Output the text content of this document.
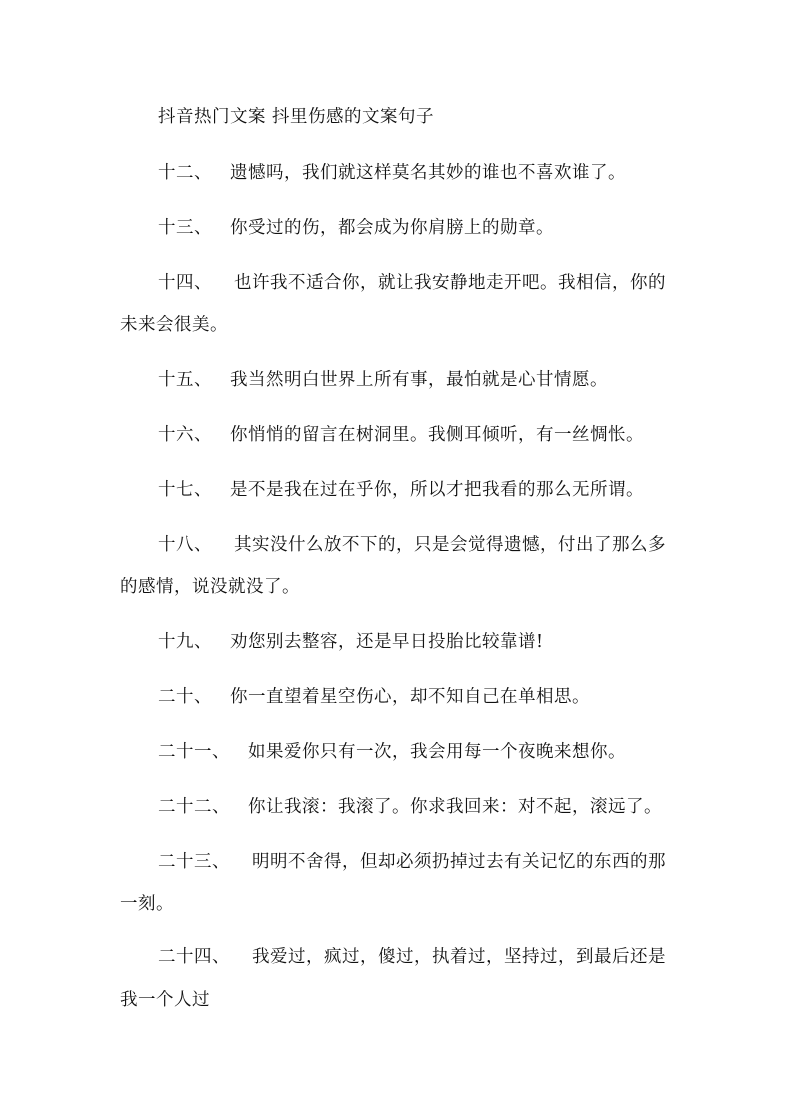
抖音热门文案 抖里伤感的文案句子
十二、 遗憾吗，我们就这样莫名其妙的谁也不喜欢谁了。
十三、 你受过的伤，都会成为你肩膀上的勋章。
十四、 也许我不适合你，就让我安静地走开吧。我相信，你的
未来会很美。
十五、 我当然明白世界上所有事，最怕就是心甘情愿。
十六、 你悄悄的留言在树洞里。我侧耳倾听，有一丝惆怅。
十七、 是不是我在过在乎你，所以才把我看的那么无所谓。
十八、 其实没什么放不下的，只是会觉得遗憾，付出了那么多
的感情，说没就没了。
十九、 劝您别去整容，还是早日投胎比较靠谱!
二十、 你一直望着星空伤心，却不知自己在单相思。
二十一、 如果爱你只有一次，我会用每一个夜晚来想你。
二十二、 你让我滚：我滚了。你求我回来：对不起，滚远了。
二十三、 明明不舍得，但却必须扔掉过去有关记忆的东西的那
一刻。
二十四、 我爱过，疯过，傻过，执着过，坚持过，到最后还是
我一个人过
